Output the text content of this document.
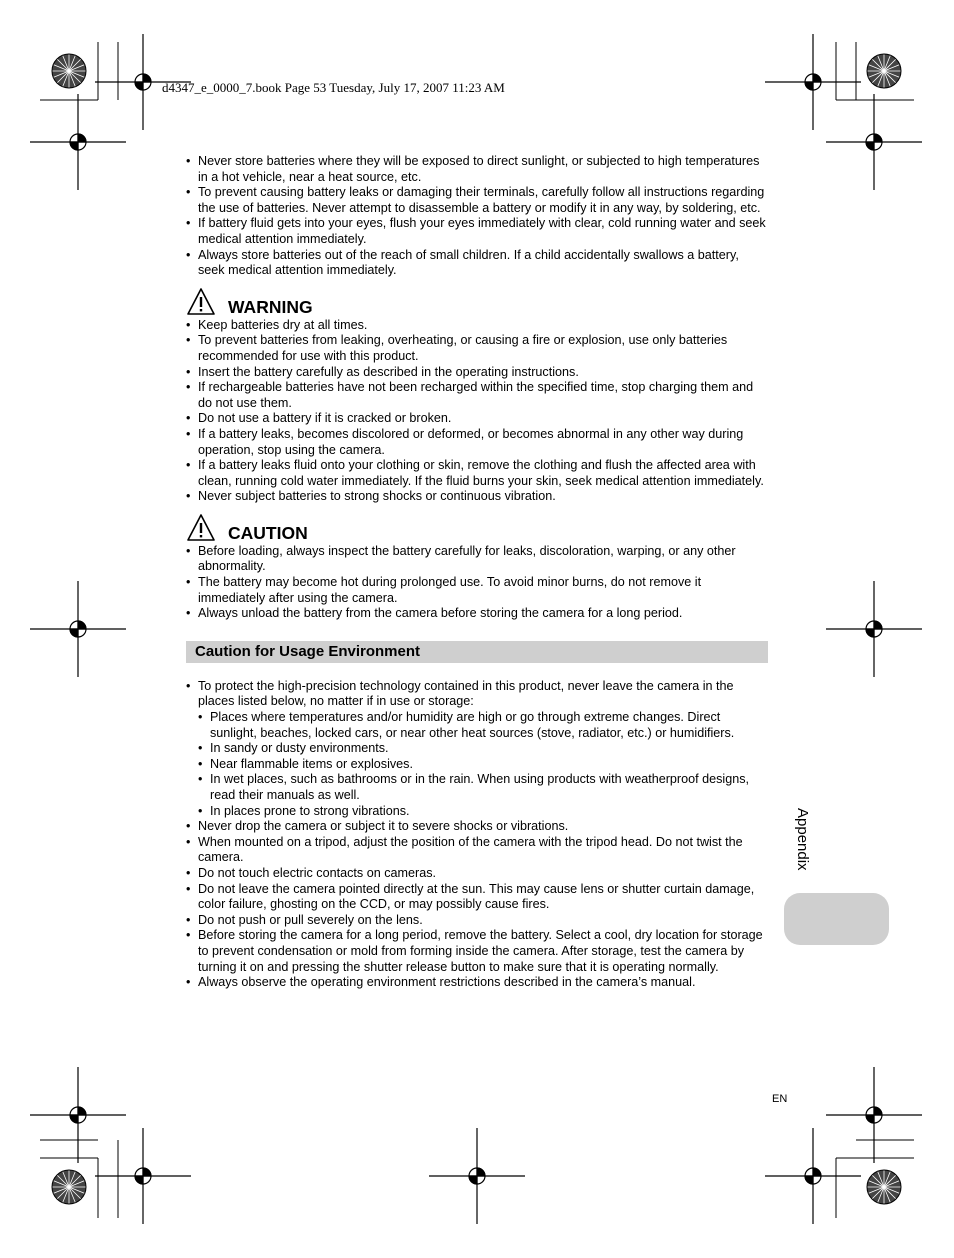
d4347_e_0000_7.book Page 53 Tuesday, July 17, 2007 11:23 AM
• Never store batteries where they will be exposed to direct sunlight, or subjected to high temperatures in a hot vehicle, near a heat source, etc.
• To prevent causing battery leaks or damaging their terminals, carefully follow all instructions regarding the use of batteries. Never attempt to disassemble a battery or modify it in any way, by soldering, etc.
• If battery fluid gets into your eyes, flush your eyes immediately with clear, cold running water and seek medical attention immediately.
• Always store batteries out of the reach of small children. If a child accidentally swallows a battery, seek medical attention immediately.
WARNING
• Keep batteries dry at all times.
• To prevent batteries from leaking, overheating, or causing a fire or explosion, use only batteries recommended for use with this product.
• Insert the battery carefully as described in the operating instructions.
• If rechargeable batteries have not been recharged within the specified time, stop charging them and do not use them.
• Do not use a battery if it is cracked or broken.
• If a battery leaks, becomes discolored or deformed, or becomes abnormal in any other way during operation, stop using the camera.
• If a battery leaks fluid onto your clothing or skin, remove the clothing and flush the affected area with clean, running cold water immediately. If the fluid burns your skin, seek medical attention immediately.
• Never subject batteries to strong shocks or continuous vibration.
CAUTION
• Before loading, always inspect the battery carefully for leaks, discoloration, warping, or any other abnormality.
• The battery may become hot during prolonged use. To avoid minor burns, do not remove it immediately after using the camera.
• Always unload the battery from the camera before storing the camera for a long period.
Caution for Usage Environment
• To protect the high-precision technology contained in this product, never leave the camera in the places listed below, no matter if in use or storage:
• Places where temperatures and/or humidity are high or go through extreme changes. Direct sunlight, beaches, locked cars, or near other heat sources (stove, radiator, etc.) or humidifiers.
• In sandy or dusty environments.
• Near flammable items or explosives.
• In wet places, such as bathrooms or in the rain. When using products with weatherproof designs, read their manuals as well.
• In places prone to strong vibrations.
• Never drop the camera or subject it to severe shocks or vibrations.
• When mounted on a tripod, adjust the position of the camera with the tripod head. Do not twist the camera.
• Do not touch electric contacts on cameras.
• Do not leave the camera pointed directly at the sun. This may cause lens or shutter curtain damage, color failure, ghosting on the CCD, or may possibly cause fires.
• Do not push or pull severely on the lens.
• Before storing the camera for a long period, remove the battery. Select a cool, dry location for storage to prevent condensation or mold from forming inside the camera. After storage, test the camera by turning it on and pressing the shutter release button to make sure that it is operating normally.
• Always observe the operating environment restrictions described in the camera’s manual.
Appendix
EN
